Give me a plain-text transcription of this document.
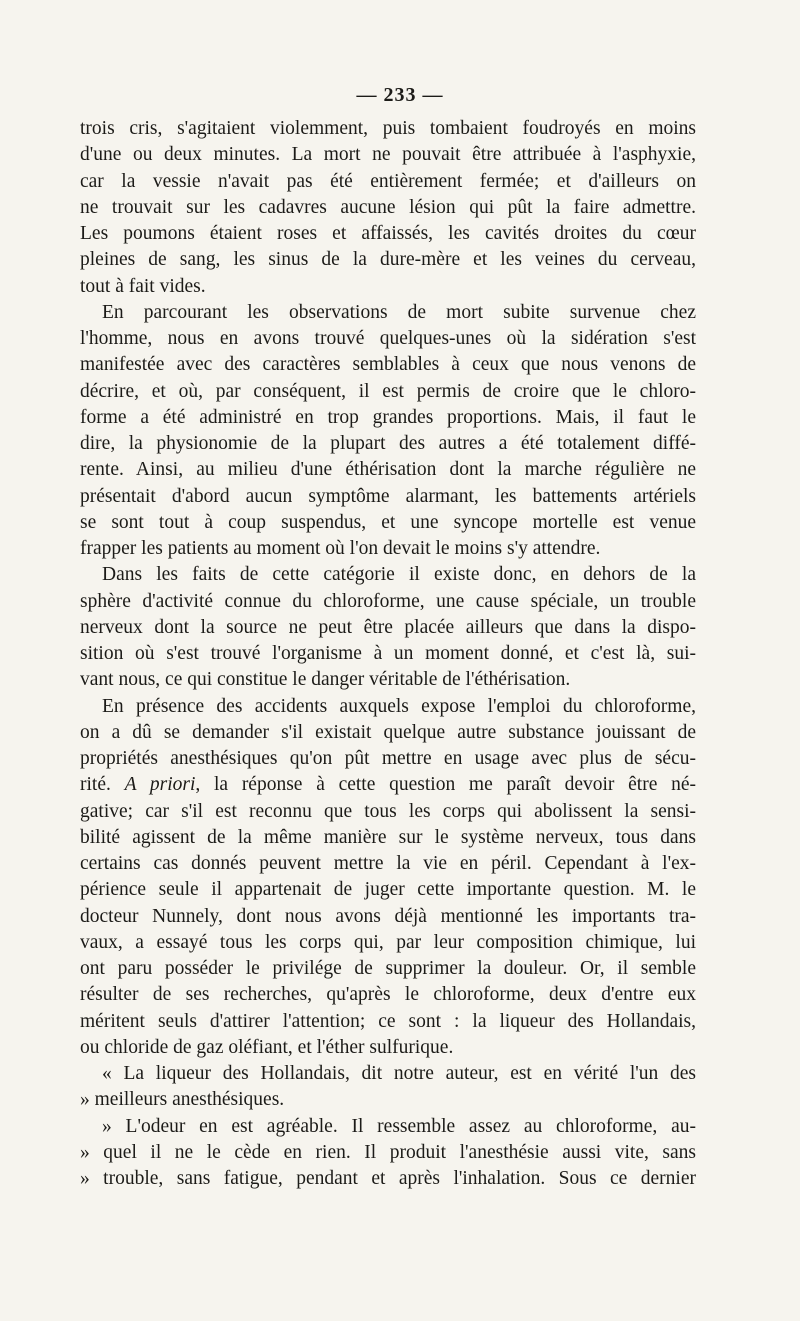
— 233 —
trois cris, s'agitaient violemment, puis tombaient foudroyés en moins
d'une ou deux minutes. La mort ne pouvait être attribuée à l'asphyxie,
car la vessie n'avait pas été entièrement fermée; et d'ailleurs on
ne trouvait sur les cadavres aucune lésion qui pût la faire admettre.
Les poumons étaient roses et affaissés, les cavités droites du cœur
pleines de sang, les sinus de la dure-mère et les veines du cerveau,
tout à fait vides.
En parcourant les observations de mort subite survenue chez
l'homme, nous en avons trouvé quelques-unes où la sidération s'est
manifestée avec des caractères semblables à ceux que nous venons de
décrire, et où, par conséquent, il est permis de croire que le chloro-
forme a été administré en trop grandes proportions. Mais, il faut le
dire, la physionomie de la plupart des autres a été totalement diffé-
rente. Ainsi, au milieu d'une éthérisation dont la marche régulière ne
présentait d'abord aucun symptôme alarmant, les battements artériels
se sont tout à coup suspendus, et une syncope mortelle est venue
frapper les patients au moment où l'on devait le moins s'y attendre.
Dans les faits de cette catégorie il existe donc, en dehors de la
sphère d'activité connue du chloroforme, une cause spéciale, un trouble
nerveux dont la source ne peut être placée ailleurs que dans la dispo-
sition où s'est trouvé l'organisme à un moment donné, et c'est là, sui-
vant nous, ce qui constitue le danger véritable de l'éthérisation.
En présence des accidents auxquels expose l'emploi du chloroforme,
on a dû se demander s'il existait quelque autre substance jouissant de
propriétés anesthésiques qu'on pût mettre en usage avec plus de sécu-
rité. A priori, la réponse à cette question me paraît devoir être né-
gative; car s'il est reconnu que tous les corps qui abolissent la sensi-
bilité agissent de la même manière sur le système nerveux, tous dans
certains cas donnés peuvent mettre la vie en péril. Cependant à l'ex-
périence seule il appartenait de juger cette importante question. M. le
docteur Nunnely, dont nous avons déjà mentionné les importants tra-
vaux, a essayé tous les corps qui, par leur composition chimique, lui
ont paru posséder le privilége de supprimer la douleur. Or, il semble
résulter de ses recherches, qu'après le chloroforme, deux d'entre eux
méritent seuls d'attirer l'attention; ce sont : la liqueur des Hollandais,
ou chloride de gaz oléfiant, et l'éther sulfurique.
« La liqueur des Hollandais, dit notre auteur, est en vérité l'un des
» meilleurs anesthésiques.
» L'odeur en est agréable. Il ressemble assez au chloroforme, au-
» quel il ne le cède en rien. Il produit l'anesthésie aussi vite, sans
» trouble, sans fatigue, pendant et après l'inhalation. Sous ce dernier
